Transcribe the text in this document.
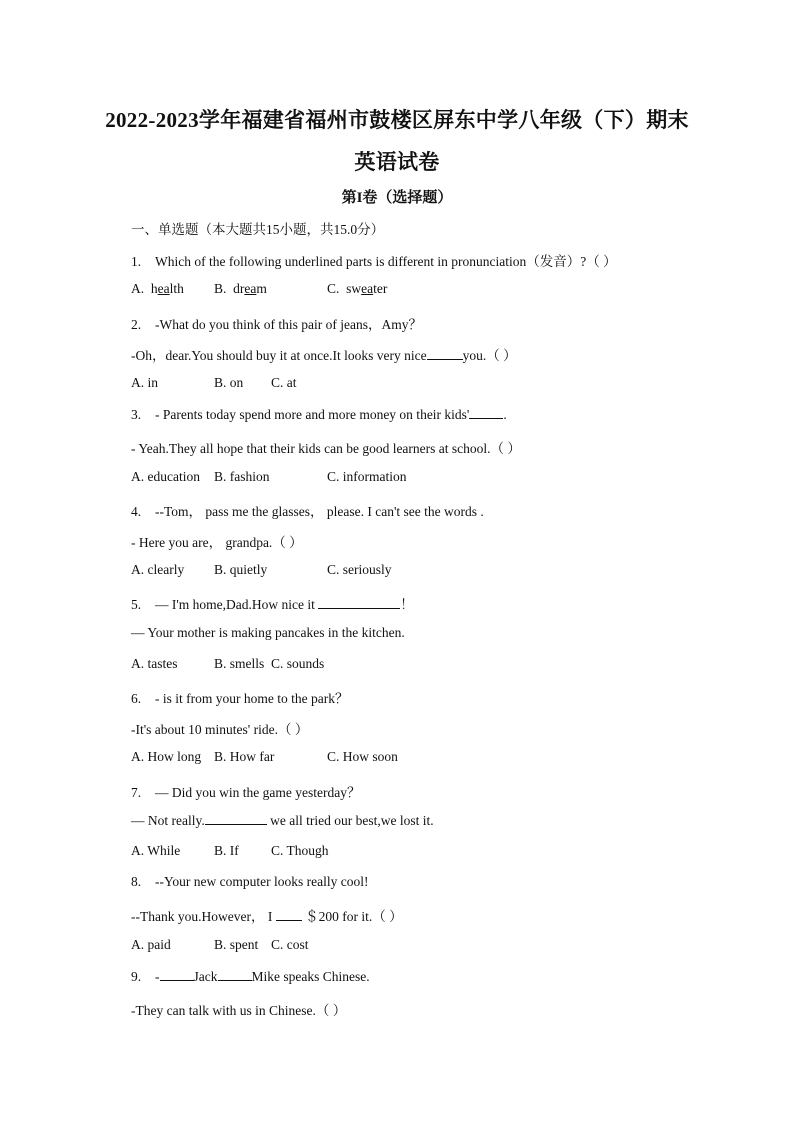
2022-2023学年福建省福州市鼓楼区屏东中学八年级（下）期末
英语试卷
第I卷（选择题）
一、单选题（本大题共15小题，共15.0分）
1. Which of the following underlined parts is different in pronunciation（发音）?（ ）
A. health B. dream	C. sweater
2. -What do you think of this pair of jeans，Amy？
-Oh，dear.You should buy it at once.It looks very nice	you.（ ）
A. in	B. on C. at
3. - Parents today spend more and more money on their kids'	.
- Yeah.They all hope that their kids can be good learners at school.（ ）
A. education B. fashion	C. information
4. --Tom， pass me the glasses， please. I can't see the words .
- Here you are， grandpa.（ ）
A. clearly B. quietly	C. seriously
5. — I'm home,Dad.How nice it	！
— Your mother is making pancakes in the kitchen.
A. tastes	B. smells C. sounds
6. - is it from your home to the park？
-It's about 10 minutes' ride.（ ）
A. How long B. How far	C. How soon
7. — Did you win the game yesterday？
— Not really.	we all tried our best,we lost it.
A. While	B. If C. Though
8. --Your new computer looks really cool!
--Thank you.However， I  ＄200 for it.（ ）
A. paid	B. spent C. cost
9. -	Jack	Mike speaks Chinese.
-They can talk with us in Chinese.（ ）
